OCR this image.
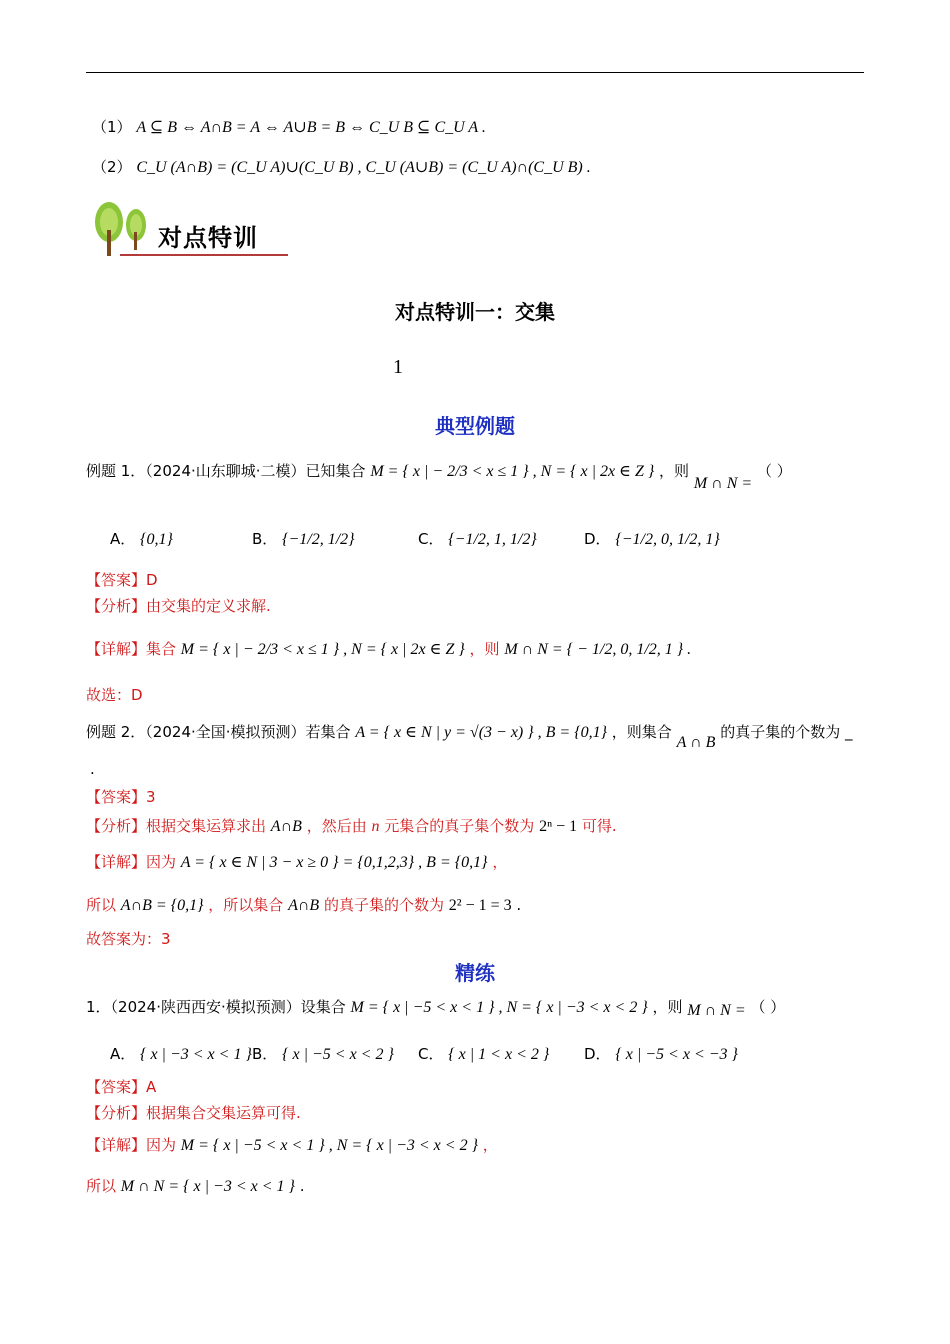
（1） A ⊆ B ⇔ A∩B = A ⇔ A∪B = B ⇔ C_U B ⊆ C_U A .
（2） C_U (A∩B) = (C_U A)∪(C_U B) , C_U (A∪B) = (C_U A)∩(C_U B) .
对点特训
对点特训一：交集
1
典型例题
例题 1．（2024·山东聊城·二模）已知集合 M = { x | − 2/3 < x ≤ 1 } , N = { x | 2x ∈ Z } ，则 M ∩ N = （ ）
A． {0,1}	B． {−1/2, 1/2}	C． {−1/2, 1, 1/2}	D． {−1/2, 0, 1/2, 1}
【答案】D
【分析】由交集的定义求解.
【详解】集合 M = { x | − 2/3 < x ≤ 1 } , N = { x | 2x ∈ Z } ，则 M ∩ N = { − 1/2, 0, 1/2, 1 } .
故选：D
例题 2．（2024·全国·模拟预测）若集合 A = { x ∈ N | y = √(3 − x) } , B = {0,1} ，则集合 A ∩ B 的真子集的个数为 _
.
【答案】3
【分析】根据交集运算求出 A∩B ，然后由 n 元集合的真子集个数为 2ⁿ − 1 可得.
【详解】因为 A = { x ∈ N | 3 − x ≥ 0 } = {0,1,2,3} , B = {0,1} ，
所以 A∩B = {0,1} ，所以集合 A∩B 的真子集的个数为 2² − 1 = 3 .
故答案为：3
精练
1．（2024·陕西西安·模拟预测）设集合 M = { x | −5 < x < 1 } , N = { x | −3 < x < 2 } ，则 M ∩ N = （ ）
A． { x | −3 < x < 1 } B． { x | −5 < x < 2 } C． { x | 1 < x < 2 } D． { x | −5 < x < −3 }
【答案】A
【分析】根据集合交集运算可得.
【详解】因为 M = { x | −5 < x < 1 } , N = { x | −3 < x < 2 } ，
所以 M ∩ N = { x | −3 < x < 1 } .
